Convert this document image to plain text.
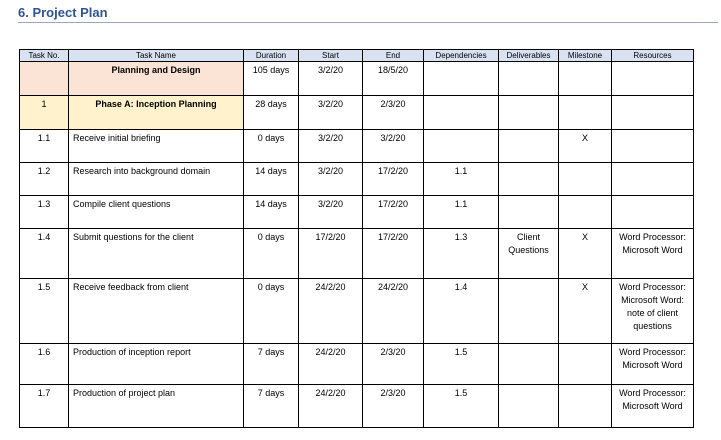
6. Project Plan
Task No.	Task Name	Duration	Start	End	Dependencies	Deliverables	Milestone	Resources
	Planning and Design	105 days	3/2/20	18/5/20				
1	Phase A: Inception Planning	28 days	3/2/20	2/3/20				
1.1	Receive initial briefing	0 days	3/2/20	3/2/20			X	
1.2	Research into background domain	14 days	3/2/20	17/2/20	1.1			
1.3	Compile client questions	14 days	3/2/20	17/2/20	1.1			
1.4	Submit questions for the client	0 days	17/2/20	17/2/20	1.3	Client Questions	X	Word Processor: Microsoft Word
1.5	Receive feedback from client	0 days	24/2/20	24/2/20	1.4		X	Word Processor: Microsoft Word: note of client questions
1.6	Production of inception report	7 days	24/2/20	2/3/20	1.5			Word Processor: Microsoft Word
1.7	Production of project plan	7 days	24/2/20	2/3/20	1.5			Word Processor: Microsoft Word
